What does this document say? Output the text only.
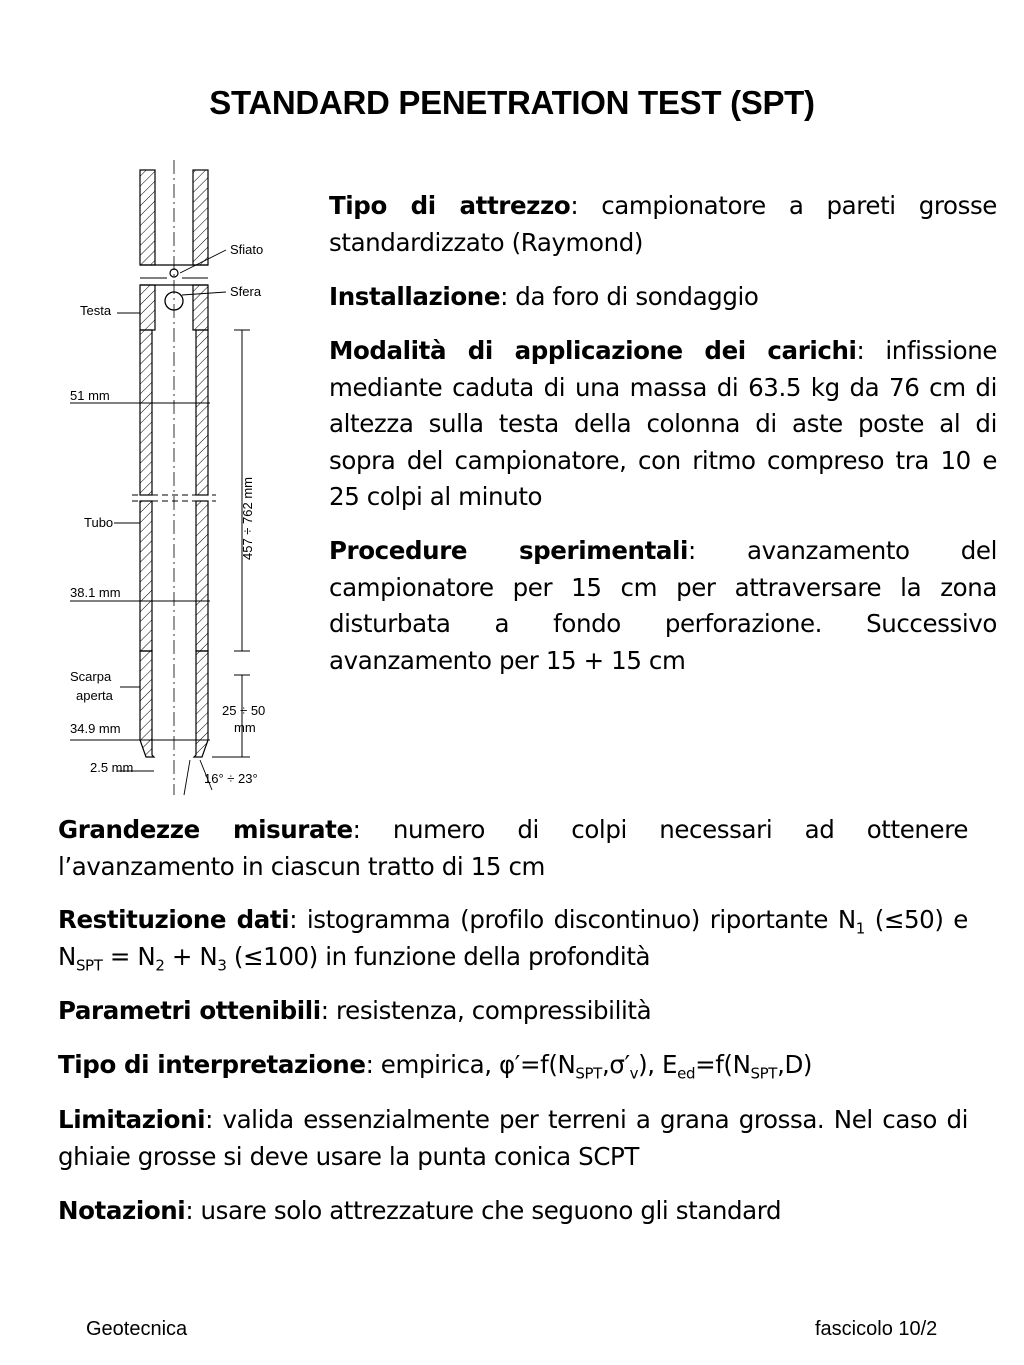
STANDARD PENETRATION TEST (SPT)
Sfiato
Sfera
Testa
51 mm
Tubo
38.1 mm
Scarpa
aperta
34.9 mm
2.5 mm
25 ÷ 50
mm
16° ÷ 23°
457 ÷ 762 mm

Tipo di attrezzo: campionatore a pareti grosse standardizzato (Raymond)

Installazione: da foro di sondaggio

Modalità di applicazione dei carichi: infissione mediante caduta di una massa di 63.5 kg da 76 cm di altezza sulla testa della colonna di aste poste al di sopra del campionatore, con ritmo compreso tra 10 e 25 colpi al minuto

Procedure sperimentali: avanzamento del campionatore per 15 cm per attraversare la zona disturbata a fondo perforazione. Successivo avanzamento per 15 + 15 cm

Grandezze misurate: numero di colpi necessari ad ottenere l’avanzamento in ciascun tratto di 15 cm

Restituzione dati: istogramma (profilo discontinuo) riportante $N_1$ (≤50) e $N_{SPT} = N_2 + N_3$ (≤100) in funzione della profondità

Parametri ottenibili: resistenza, compressibilità

Tipo di interpretazione: empirica, $\varphi'=f(N_{SPT},\sigma'_v)$, $E_{ed}=f(N_{SPT},D)$

Limitazioni: valida essenzialmente per terreni a grana grossa. Nel caso di ghiaie grosse si deve usare la punta conica SCPT

Notazioni: usare solo attrezzature che seguono gli standard

Geotecnica	fascicolo 10/2
